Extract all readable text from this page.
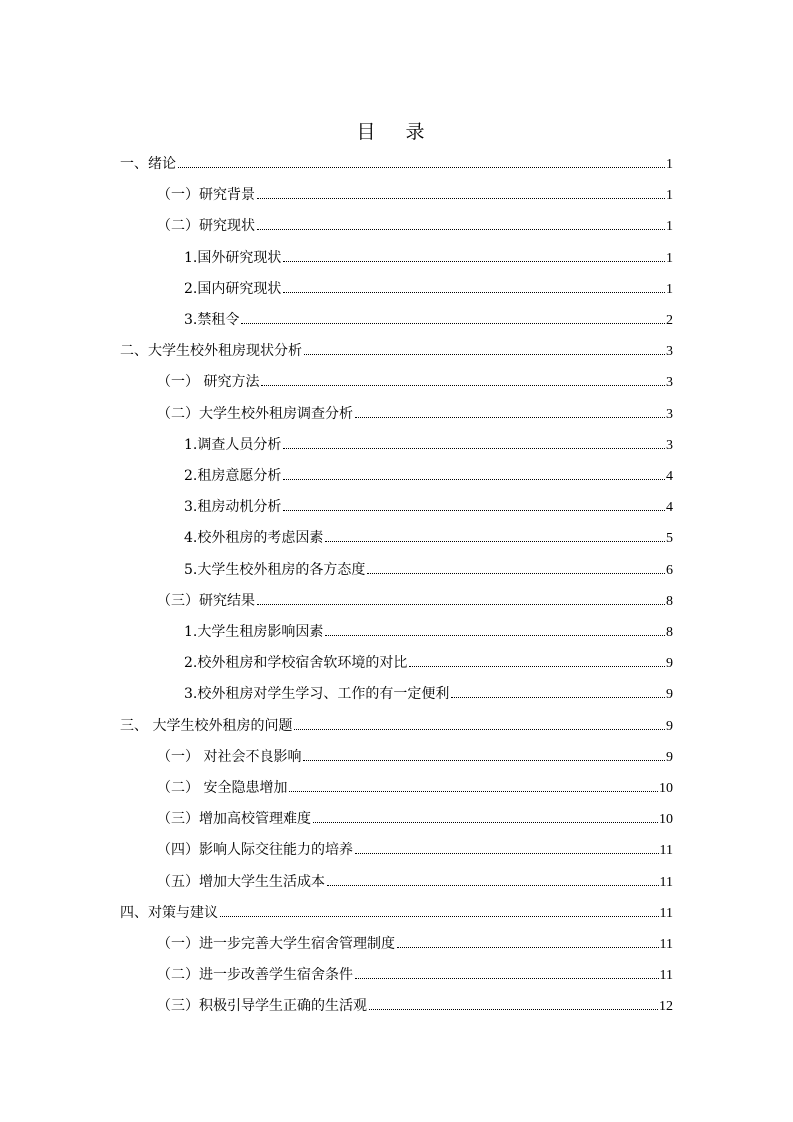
目 录
一、绪论	1
（一）研究背景	1
（二）研究现状	1
1.国外研究现状	1
2.国内研究现状	1
3.禁租令	2
二、大学生校外租房现状分析	3
（一） 研究方法	3
（二）大学生校外租房调查分析	3
1.调查人员分析	3
2.租房意愿分析	4
3.租房动机分析	4
4.校外租房的考虑因素	5
5.大学生校外租房的各方态度	6
（三）研究结果	8
1.大学生租房影响因素	8
2.校外租房和学校宿舍软环境的对比	9
3.校外租房对学生学习、工作的有一定便利	9
三、 大学生校外租房的问题	9
（一） 对社会不良影响	9
（二） 安全隐患增加	10
（三）增加高校管理难度	10
（四）影响人际交往能力的培养	11
（五）增加大学生生活成本	11
四、对策与建议	11
（一）进一步完善大学生宿舍管理制度	11
（二）进一步改善学生宿舍条件	11
（三）积极引导学生正确的生活观	12
